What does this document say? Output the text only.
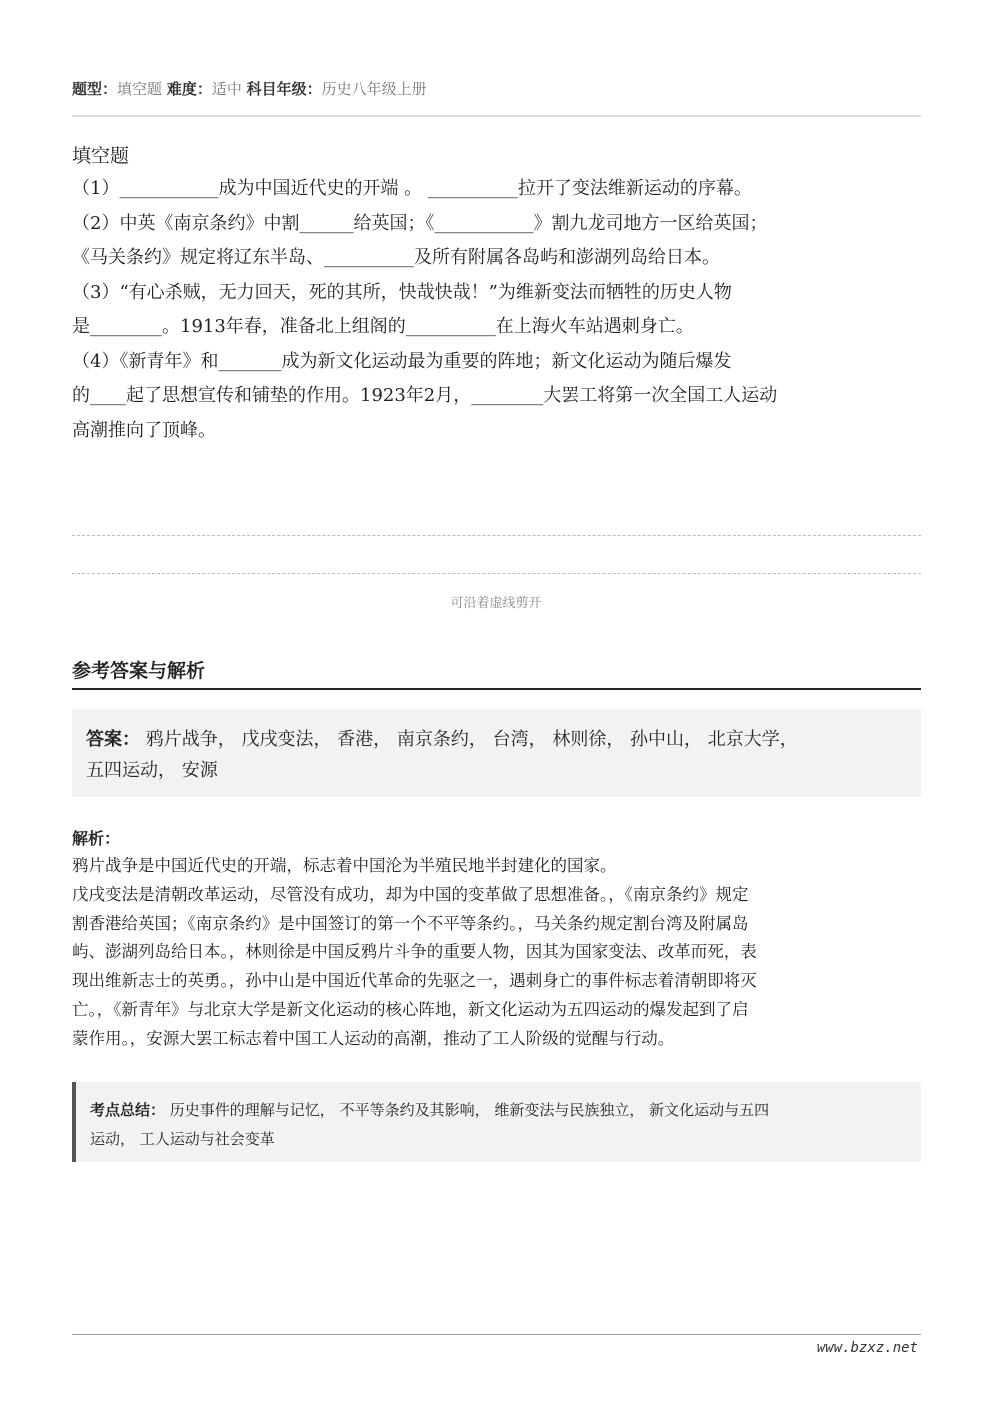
题型：填空题 难度：适中 科目年级：历史八年级上册
填空题
（1）___________成为中国近代史的开端 。 __________拉开了变法维新运动的序幕。
（2）中英《南京条约》中割______给英国；《___________》割九龙司地方一区给英国；
《马关条约》规定将辽东半岛、__________及所有附属各岛屿和澎湖列岛给日本。
（3）“有心杀贼，无力回天，死的其所，快哉快哉！”为维新变法而牺牲的历史人物
是________。1913年春，准备北上组阁的__________在上海火车站遇刺身亡。
（4）《新青年》和_______成为新文化运动最为重要的阵地；新文化运动为随后爆发
的____起了思想宣传和铺垫的作用。1923年2月，________大罢工将第一次全国工人运动
高潮推向了顶峰。
可沿着虚线剪开
参考答案与解析
答案： 鸦片战争， 戊戌变法， 香港， 南京条约， 台湾， 林则徐， 孙中山， 北京大学，
五四运动， 安源
解析：
鸦片战争是中国近代史的开端，标志着中国沦为半殖民地半封建化的国家。
戊戌变法是清朝改革运动，尽管没有成功，却为中国的变革做了思想准备。，《南京条约》规定
割香港给英国；《南京条约》是中国签订的第一个不平等条约。，马关条约规定割台湾及附属岛
屿、澎湖列岛给日本。，林则徐是中国反鸦片斗争的重要人物，因其为国家变法、改革而死，表
现出维新志士的英勇。，孙中山是中国近代革命的先驱之一，遇刺身亡的事件标志着清朝即将灭
亡。，《新青年》与北京大学是新文化运动的核心阵地，新文化运动为五四运动的爆发起到了启
蒙作用。，安源大罢工标志着中国工人运动的高潮，推动了工人阶级的觉醒与行动。
考点总结： 历史事件的理解与记忆， 不平等条约及其影响， 维新变法与民族独立， 新文化运动与五四
运动， 工人运动与社会变革
www.bzxz.net
